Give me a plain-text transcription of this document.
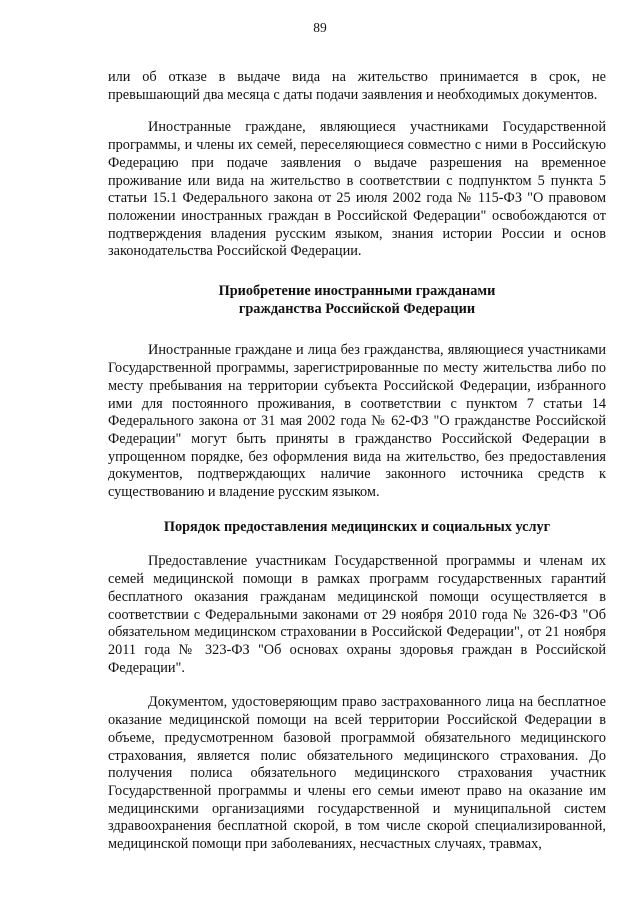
89

или об отказе в выдаче вида на жительство принимается в срок, не превышающий два месяца с даты подачи заявления и необходимых документов.

Иностранные граждане, являющиеся участниками Государственной программы, и члены их семей, переселяющиеся совместно с ними в Российскую Федерацию при подаче заявления о выдаче разрешения на временное проживание или вида на жительство в соответствии с подпунктом 5 пункта 5 статьи 15.1 Федерального закона от 25 июля 2002 года № 115-ФЗ "О правовом положении иностранных граждан в Российской Федерации" освобождаются от подтверждения владения русским языком, знания истории России и основ законодательства Российской Федерации.

Приобретение иностранными гражданами
гражданства Российской Федерации

Иностранные граждане и лица без гражданства, являющиеся участниками Государственной программы, зарегистрированные по месту жительства либо по месту пребывания на территории субъекта Российской Федерации, избранного ими для постоянного проживания, в соответствии с пунктом 7 статьи 14 Федерального закона от 31 мая 2002 года № 62-ФЗ "О гражданстве Российской Федерации" могут быть приняты в гражданство Российской Федерации в упрощенном порядке, без оформления вида на жительство, без предоставления документов, подтверждающих наличие законного источника средств к существованию и владение русским языком.

Порядок предоставления медицинских и социальных услуг

Предоставление участникам Государственной программы и членам их семей медицинской помощи в рамках программ государственных гарантий бесплатного оказания гражданам медицинской помощи осуществляется в соответствии с Федеральными законами от 29 ноября 2010 года № 326-ФЗ "Об обязательном медицинском страховании в Российской Федерации", от 21 ноября 2011 года № 323-ФЗ "Об основах охраны здоровья граждан в Российской Федерации".

Документом, удостоверяющим право застрахованного лица на бесплатное оказание медицинской помощи на всей территории Российской Федерации в объеме, предусмотренном базовой программой обязательного медицинского страхования, является полис обязательного медицинского страхования. До получения полиса обязательного медицинского страхования участник Государственной программы и члены его семьи имеют право на оказание им медицинскими организациями государственной и муниципальной систем здравоохранения бесплатной скорой, в том числе скорой специализированной, медицинской помощи при заболеваниях, несчастных случаях, травмах,
